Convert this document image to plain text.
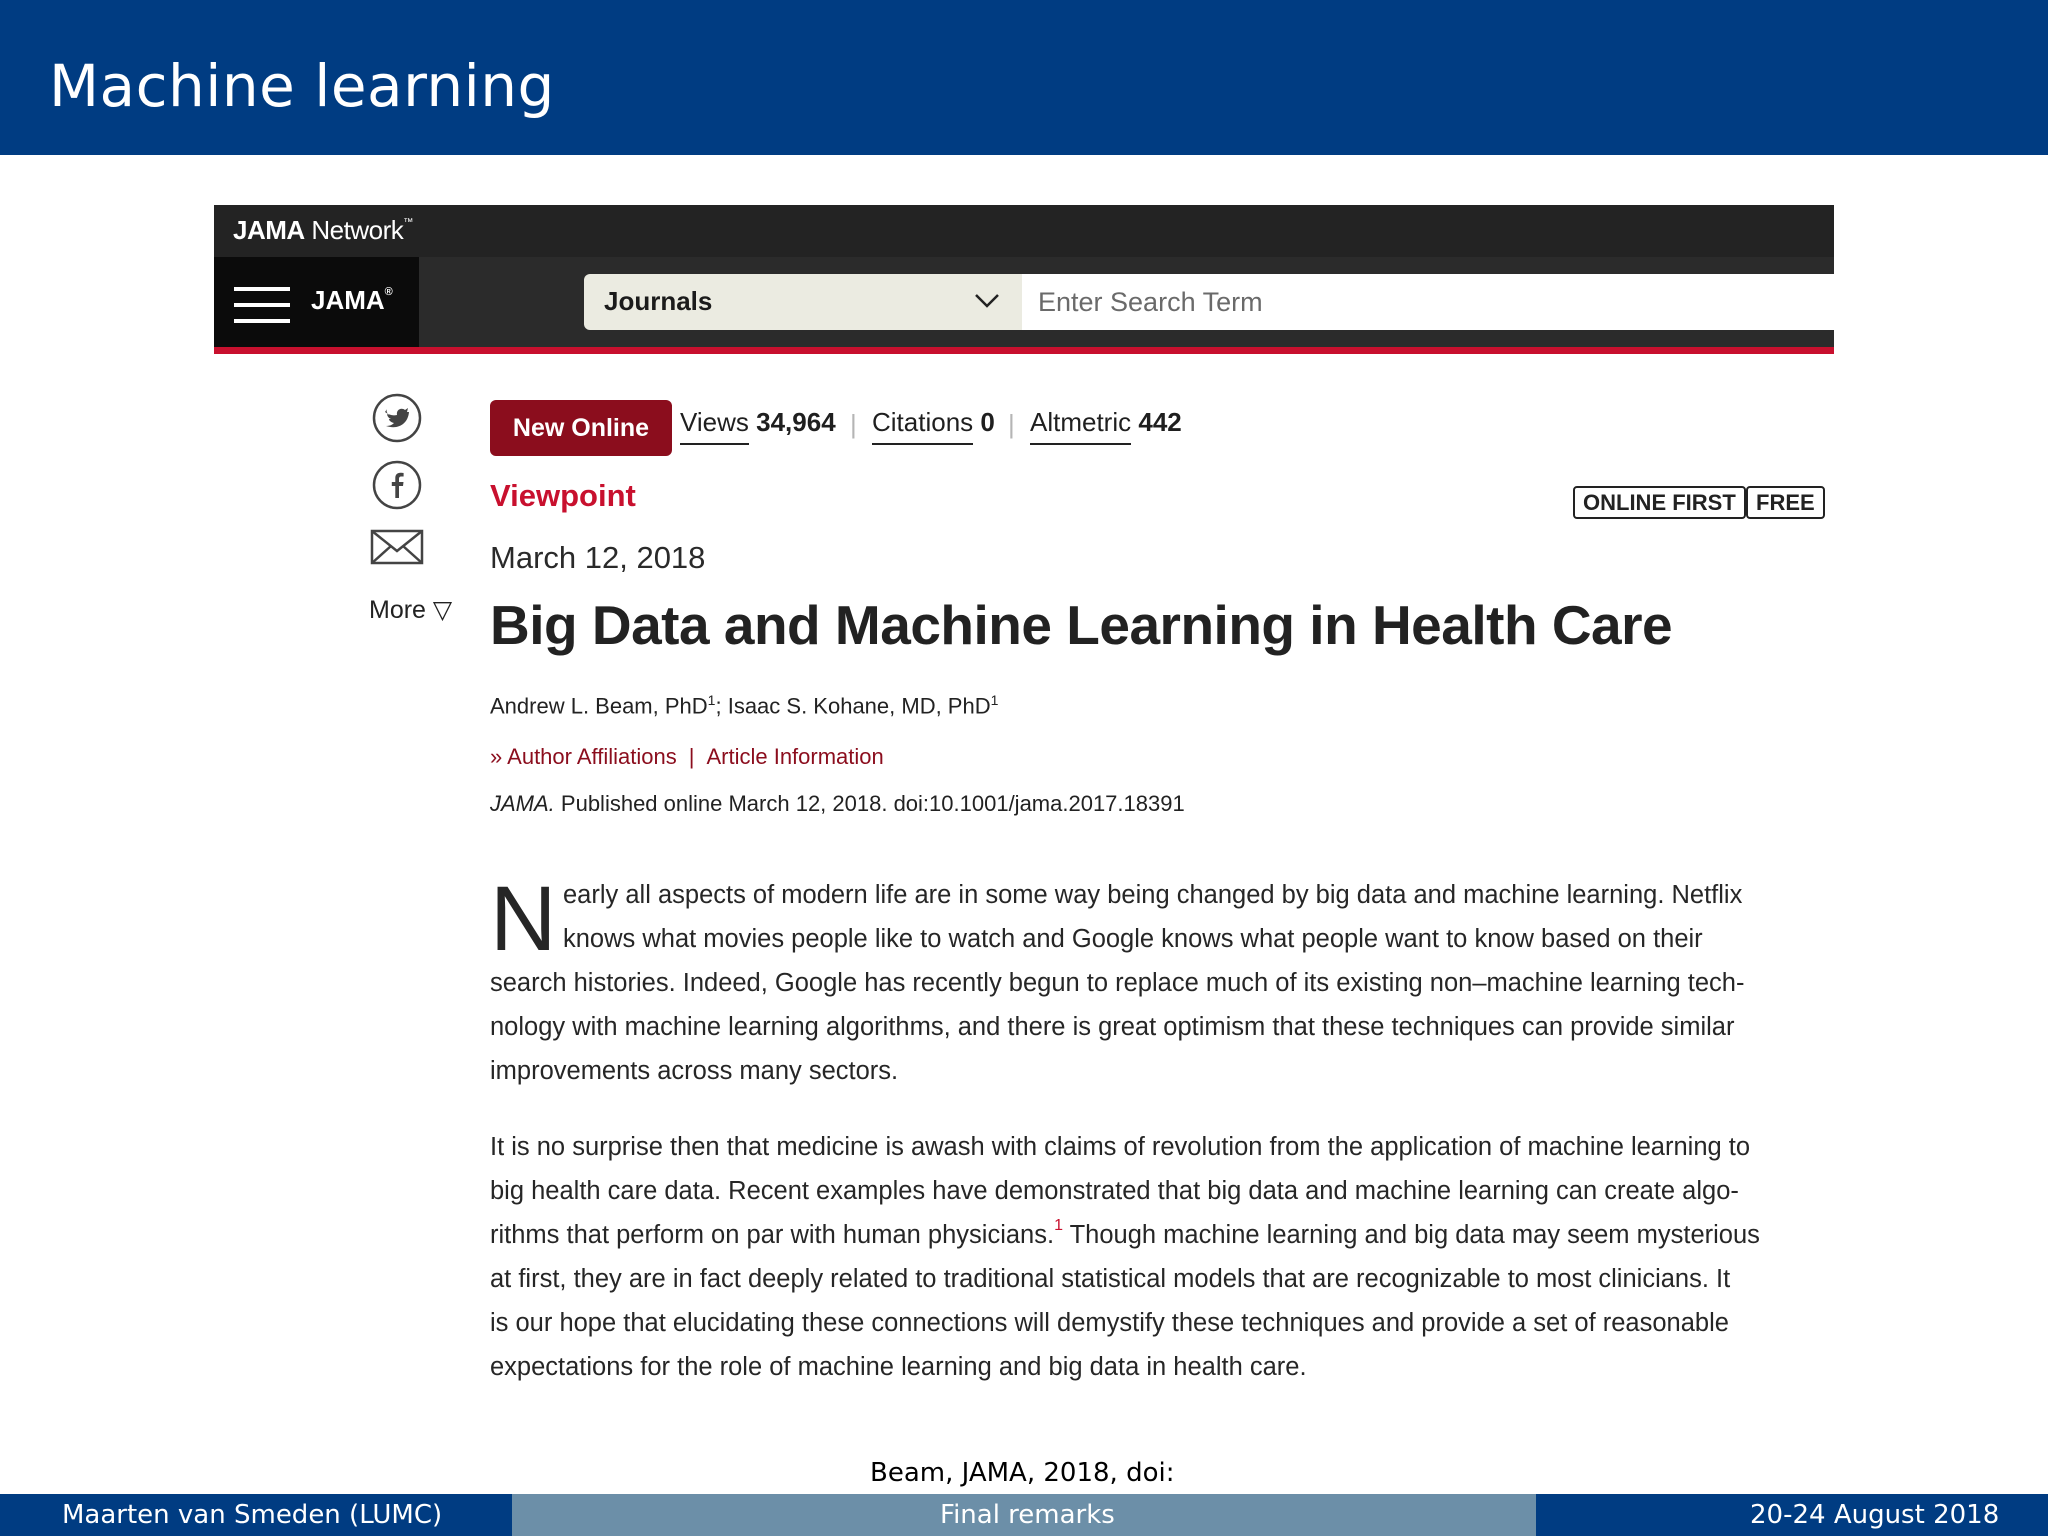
Machine learning
JAMA Network™
JAMA®	Journals
Enter Search Term
More ▽
New Online	Views 34,964 | Citations 0 | Altmetric 442
Viewpoint	ONLINE FIRST FREE
March 12, 2018
Big Data and Machine Learning in Health Care
Andrew L. Beam, PhD$^1$; Isaac S. Kohane, MD, PhD$^1$
» Author Affiliations | Article Information
JAMA. Published online March 12, 2018. doi:10.1001/jama.2017.18391
N early all aspects of modern life are in some way being changed by big data and machine learning. Netflix
knows what movies people like to watch and Google knows what people want to know based on their
search histories. Indeed, Google has recently begun to replace much of its existing non–machine learning tech-
nology with machine learning algorithms, and there is great optimism that these techniques can provide similar
improvements across many sectors.
It is no surprise then that medicine is awash with claims of revolution from the application of machine learning to
big health care data. Recent examples have demonstrated that big data and machine learning can create algo-
rithms that perform on par with human physicians.$^1$ Though machine learning and big data may seem mysterious
at first, they are in fact deeply related to traditional statistical models that are recognizable to most clinicians. It
is our hope that elucidating these connections will demystify these techniques and provide a set of reasonable
expectations for the role of machine learning and big data in health care.
Beam, JAMA, 2018, doi:
Maarten van Smeden (LUMC)	Final remarks	20-24 August 2018
